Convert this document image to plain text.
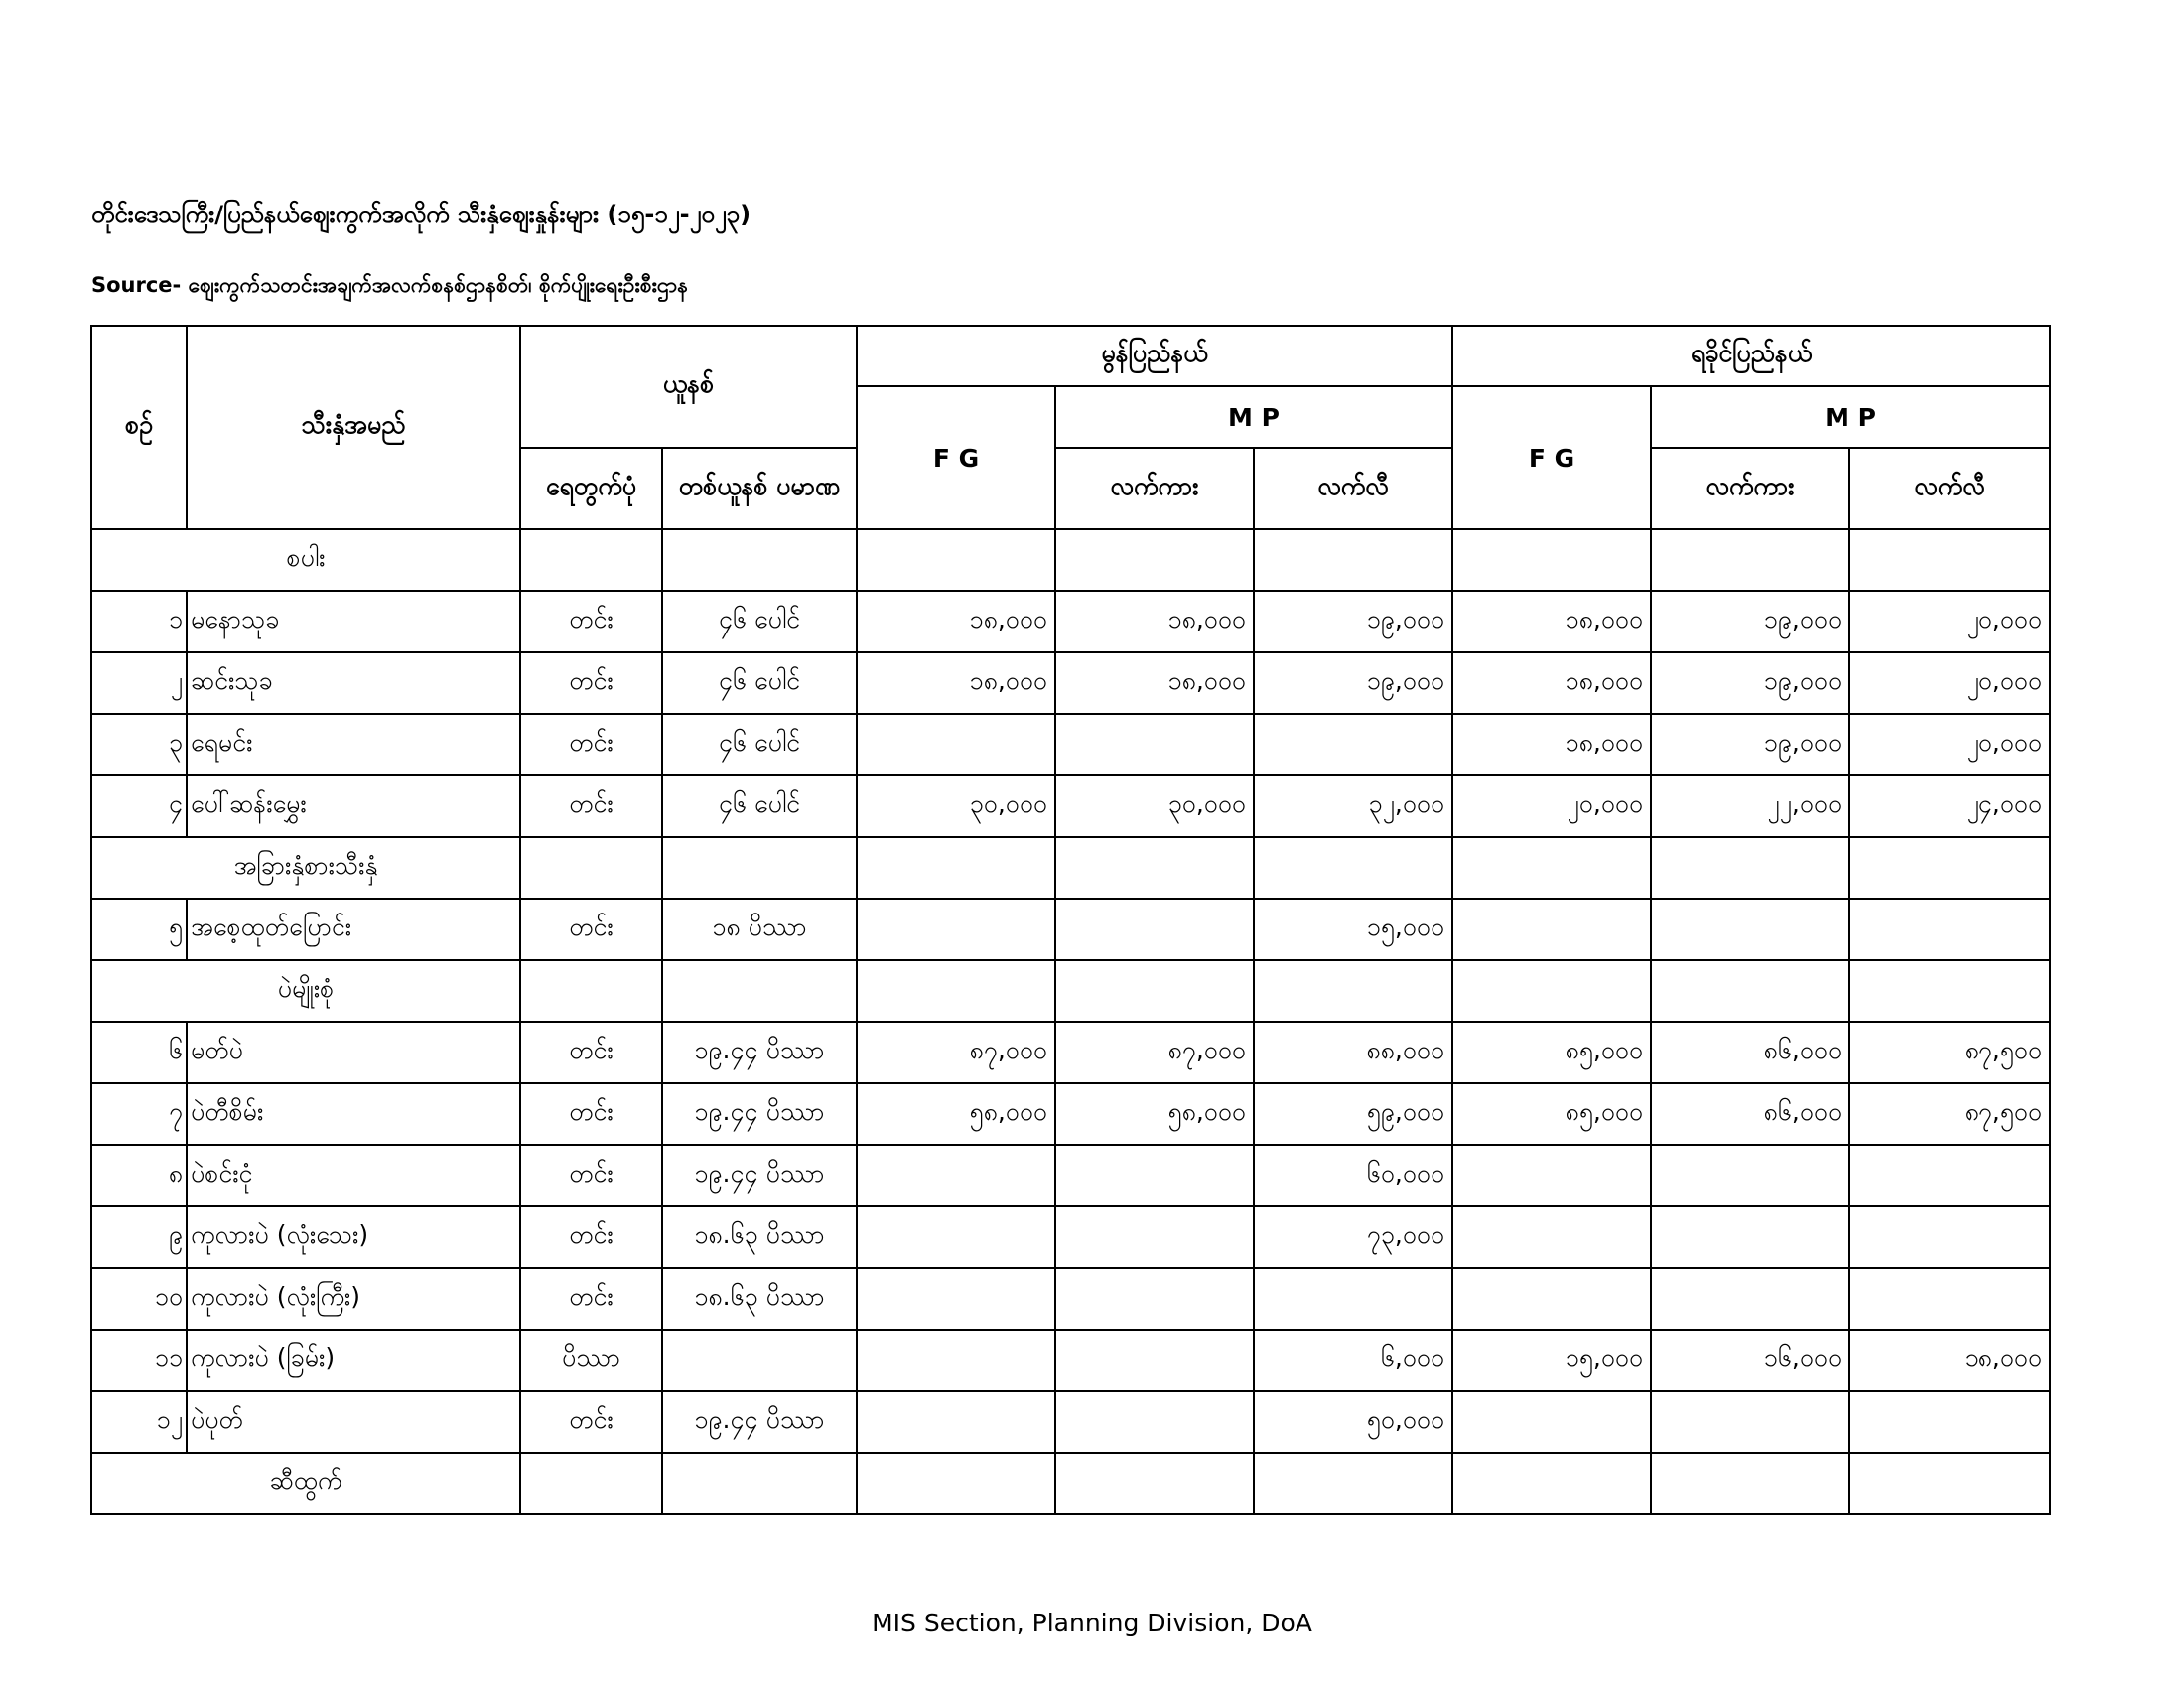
တိုင်းဒေသကြီး/ပြည်နယ်ဈေးကွက်အလိုက် သီးနှံဈေးနှုန်းများ (၁၅-၁၂-၂၀၂၃)
Source- ဈေးကွက်သတင်းအချက်အလက်စနစ်ဌာနစိတ်၊ စိုက်ပျိုးရေးဦးစီးဌာန
စဉ်	သီးနှံအမည်	ယူနစ်		မွန်ပြည်နယ်			ရခိုင်ပြည်နယ်		
				F G	M P		F G	M P	
		ရေတွက်ပုံ	တစ်ယူနစ် ပမာဏ		လက်ကား	လက်လီ		လက်ကား	လက်လီ
စပါး									
၁	မနောသုခ	တင်း	၄၆ ပေါင်	၁၈,၀၀၀	၁၈,၀၀၀	၁၉,၀၀၀	၁၈,၀၀၀	၁၉,၀၀၀	၂၀,၀၀၀
၂	ဆင်းသုခ	တင်း	၄၆ ပေါင်	၁၈,၀၀၀	၁၈,၀၀၀	၁၉,၀၀၀	၁၈,၀၀၀	၁၉,၀၀၀	၂၀,၀၀၀
၃	ရေမင်း	တင်း	၄၆ ပေါင်				၁၈,၀၀၀	၁၉,၀၀၀	၂၀,၀၀၀
၄	ပေါ်ဆန်းမွှေး	တင်း	၄၆ ပေါင်	၃၀,၀၀၀	၃၀,၀၀၀	၃၂,၀၀၀	၂၀,၀၀၀	၂၂,၀၀၀	၂၄,၀၀၀
အခြားနှံစားသီးနှံ									
၅	အစေ့ထုတ်ပြောင်း	တင်း	၁၈ ပိဿာ			၁၅,၀၀၀			
ပဲမျိုးစုံ									
၆	မတ်ပဲ	တင်း	၁၉.၄၄ ပိဿာ	၈၇,၀၀၀	၈၇,၀၀၀	၈၈,၀၀၀	၈၅,၀၀၀	၈၆,၀၀၀	၈၇,၅၀၀
၇	ပဲတီစိမ်း	တင်း	၁၉.၄၄ ပိဿာ	၅၈,၀၀၀	၅၈,၀၀၀	၅၉,၀၀၀	၈၅,၀၀၀	၈၆,၀၀၀	၈၇,၅၀၀
၈	ပဲစင်းငုံ	တင်း	၁၉.၄၄ ပိဿာ			၆၀,၀၀၀			
၉	ကုလားပဲ (လုံးသေး)	တင်း	၁၈.၆၃ ပိဿာ			၇၃,၀၀၀			
၁၀	ကုလားပဲ (လုံးကြီး)	တင်း	၁၈.၆၃ ပိဿာ						
၁၁	ကုလားပဲ (ခြမ်း)	ပိဿာ				၆,၀၀၀	၁၅,၀၀၀	၁၆,၀၀၀	၁၈,၀၀၀
၁၂	ပဲပုတ်	တင်း	၁၉.၄၄ ပိဿာ			၅၀,၀၀၀			
ဆီထွက်									
MIS Section, Planning Division, DoA
